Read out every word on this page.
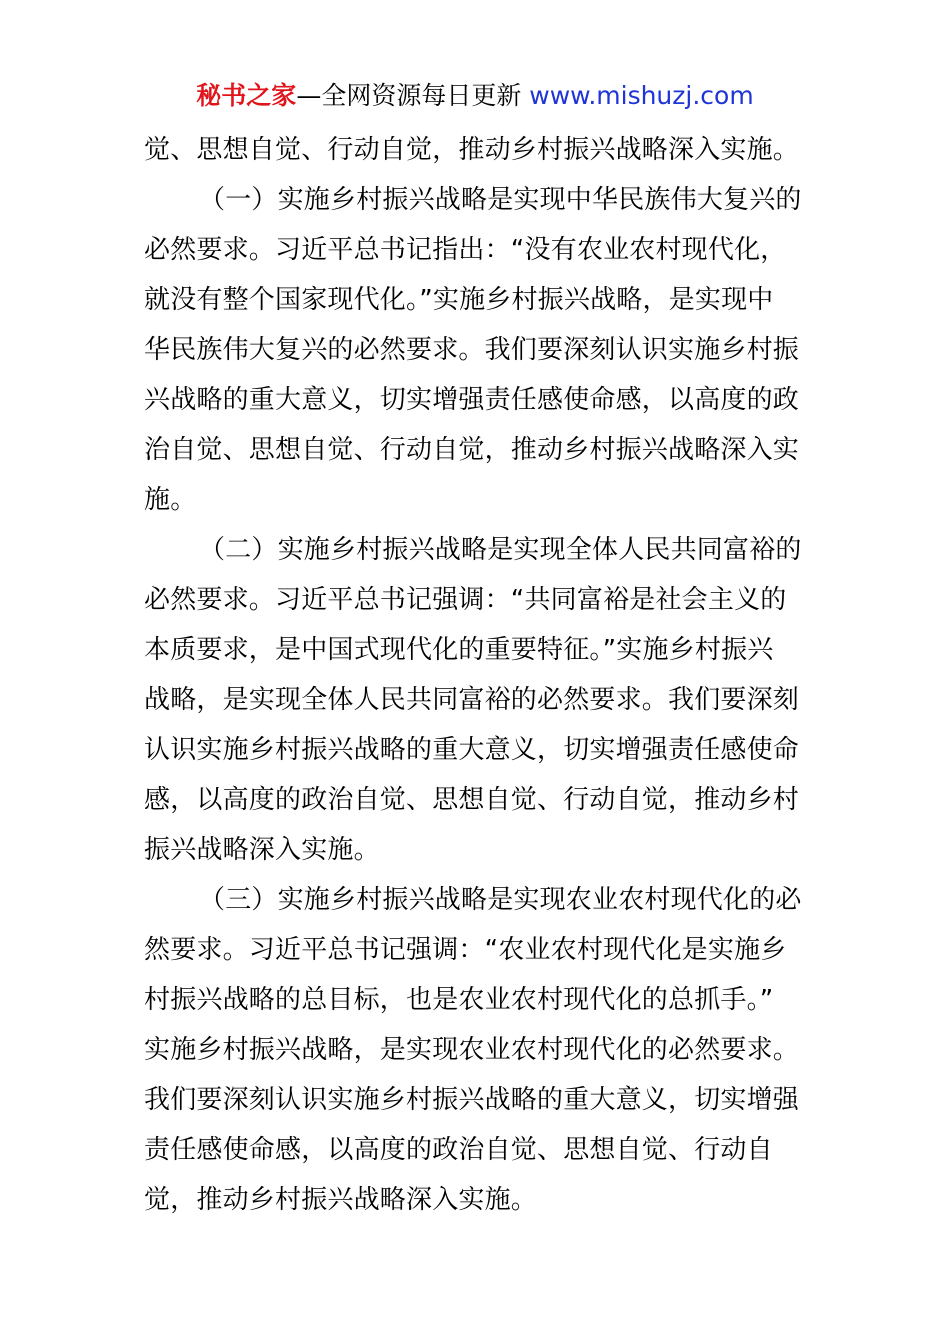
秘书之家—全网资源每日更新 www.mishuzj.com
觉、思想自觉、行动自觉，推动乡村振兴战略深入实施。
（一）实施乡村振兴战略是实现中华民族伟大复兴的
必然要求。习近平总书记指出：“没有农业农村现代化，
就没有整个国家现代化。”实施乡村振兴战略，是实现中
华民族伟大复兴的必然要求。我们要深刻认识实施乡村振
兴战略的重大意义，切实增强责任感使命感，以高度的政
治自觉、思想自觉、行动自觉，推动乡村振兴战略深入实
施。
（二）实施乡村振兴战略是实现全体人民共同富裕的
必然要求。习近平总书记强调：“共同富裕是社会主义的
本质要求，是中国式现代化的重要特征。”实施乡村振兴
战略，是实现全体人民共同富裕的必然要求。我们要深刻
认识实施乡村振兴战略的重大意义，切实增强责任感使命
感，以高度的政治自觉、思想自觉、行动自觉，推动乡村
振兴战略深入实施。
（三）实施乡村振兴战略是实现农业农村现代化的必
然要求。习近平总书记强调：“农业农村现代化是实施乡
村振兴战略的总目标，也是农业农村现代化的总抓手。”
实施乡村振兴战略，是实现农业农村现代化的必然要求。
我们要深刻认识实施乡村振兴战略的重大意义，切实增强
责任感使命感，以高度的政治自觉、思想自觉、行动自
觉，推动乡村振兴战略深入实施。
